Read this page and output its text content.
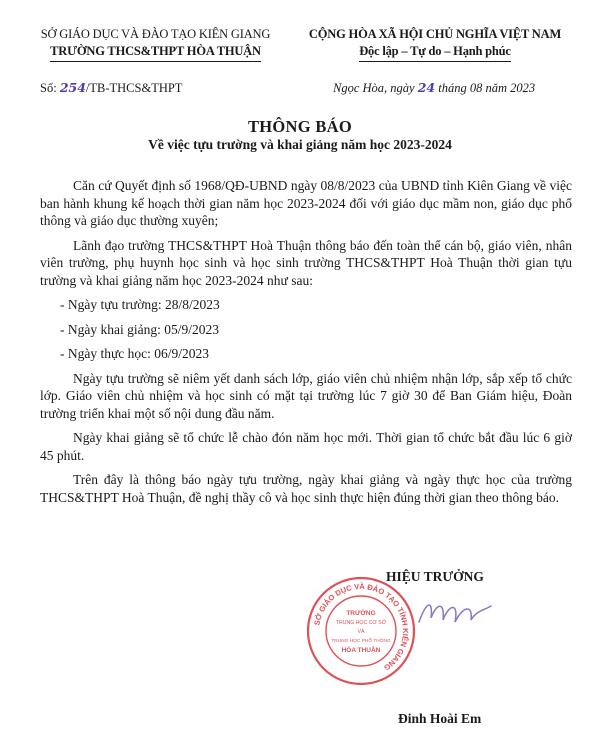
SỞ GIÁO DỤC VÀ ĐÀO TẠO KIÊN GIANG
TRƯỜNG THCS&THPT HÒA THUẬN
CỘNG HÒA XÃ HỘI CHỦ NGHĨA VIỆT NAM
Độc lập – Tự do – Hạnh phúc
Số: 254/TB-THCS&THPT	Ngọc Hòa, ngày 24 tháng 08 năm 2023
THÔNG BÁO
Về việc tựu trường và khai giảng năm học 2023-2024

Căn cứ Quyết định số 1968/QĐ-UBND ngày 08/8/2023 của UBND tỉnh Kiên Giang về việc ban hành khung kế hoạch thời gian năm học 2023-2024 đối với giáo dục mầm non, giáo dục phổ thông và giáo dục thường xuyên;

Lãnh đạo trường THCS&THPT Hoà Thuận thông báo đến toàn thể cán bộ, giáo viên, nhân viên trường, phụ huynh học sinh và học sinh trường THCS&THPT Hoà Thuận thời gian tựu trường và khai giảng năm học 2023-2024 như sau:

- Ngày tựu trường: 28/8/2023
- Ngày khai giảng: 05/9/2023
- Ngày thực học: 06/9/2023

Ngày tựu trường sẽ niêm yết danh sách lớp, giáo viên chủ nhiệm nhận lớp, sắp xếp tổ chức lớp. Giáo viên chủ nhiệm và học sinh có mặt tại trường lúc 7 giờ 30 để Ban Giám hiệu, Đoàn trường triển khai một số nội dung đầu năm.

Ngày khai giảng sẽ tổ chức lễ chào đón năm học mới. Thời gian tổ chức bắt đầu lúc 6 giờ 45 phút.

Trên đây là thông báo ngày tựu trường, ngày khai giảng và ngày thực học của trường THCS&THPT Hoà Thuận, đề nghị thầy cô và học sinh thực hiện đúng thời gian theo thông báo.

HIỆU TRƯỞNG
SỞ GIÁO DỤC VÀ ĐÀO TẠO TỈNH KIÊN GIANG
TRƯỜNG
TRUNG HỌC CƠ SỞ
VÀ
TRUNG HỌC PHỔ THÔNG
HÒA THUẬN
Đinh Hoài Em
